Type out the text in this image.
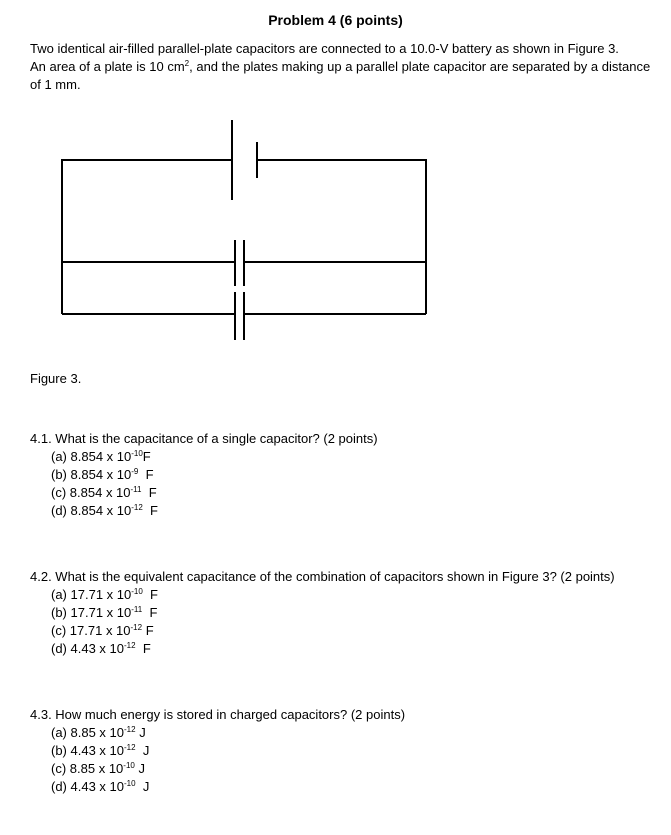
Problem 4 (6 points)
Two identical air-filled parallel-plate capacitors are connected to a 10.0-V battery as shown in Figure 3.
An area of a plate is 10 $cm^2$, and the plates making up a parallel plate capacitor are separated by a distance
of 1 mm.
Figure 3.
4.1. What is the capacitance of a single capacitor? (2 points)
(a) 8.854 x $10^{-10}F$
(b) 8.854 x $10^{-9}$ F
(c) 8.854 x $10^{-11}$ F
(d) 8.854 x $10^{-12}$ F
4.2. What is the equivalent capacitance of the combination of capacitors shown in Figure 3? (2 points)
(a) 17.71 x $10^{-10}$ F
(b) 17.71 x $10^{-11}$ F
(c) 17.71 x $10^{-12}$ F
(d) 4.43 x $10^{-12}$ F
4.3. How much energy is stored in charged capacitors? (2 points)
(a) 8.85 x $10^{-12}$ J
(b) 4.43 x $10^{-12}$ J
(c) 8.85 x $10^{-10}$ J
(d) 4.43 x $10^{-10}$ J
